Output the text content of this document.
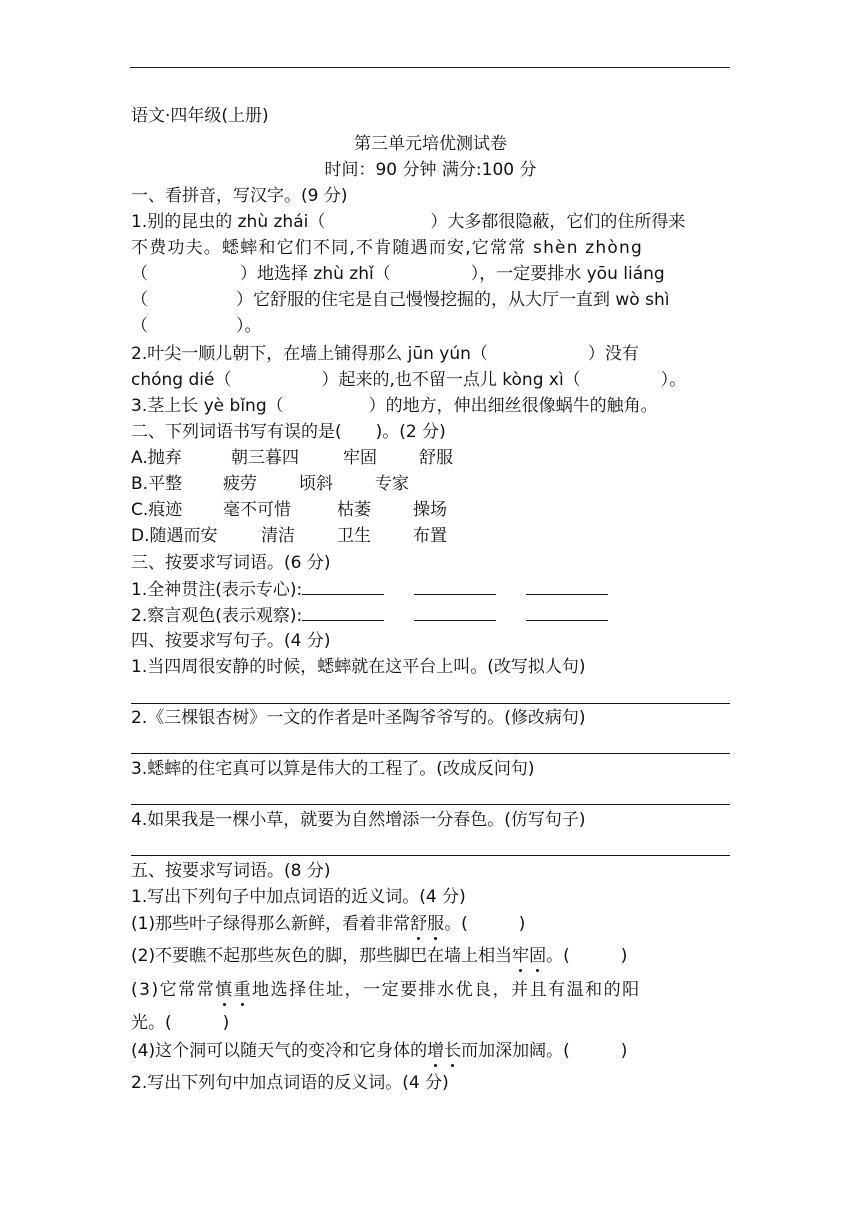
语文·四年级(上册)
第三单元培优测试卷
时间：90 分钟 满分:100 分
一、看拼音，写汉字。(9 分)
1.别的昆虫的 zhù zhái（	）大多都很隐蔽，它们的住所得来
不费功夫。蟋蟀和它们不同,不肯随遇而安,它常常 shèn zhòng
（	）地选择 zhù zhǐ（	），一定要排水 yōu liáng
（	）它舒服的住宅是自己慢慢挖掘的，从大厅一直到 wò shì
（	）。
2.叶尖一顺儿朝下，在墙上铺得那么 jūn yún（	）没有
chóng dié（	）起来的,也不留一点儿 kòng xì（	）。
3.茎上长 yè bǐng（	）的地方，伸出细丝很像蜗牛的触角。
二、下列词语书写有误的是(　　)。(2 分)
A.抛弃	朝三暮四	牢固 舒服
B.平整 疲劳 顷斜 专家
C.痕迹 毫不可惜	枯萎 操场
D.随遇而安	清洁 卫生 布置
三、按要求写词语。(6 分)
1.全神贯注(表示专心):
2.察言观色(表示观察):
四、按要求写句子。(4 分)
1.当四周很安静的时候，蟋蟀就在这平台上叫。(改写拟人句)
2.《三棵银杏树》一文的作者是叶圣陶爷爷写的。(修改病句)
3.蟋蟀的住宅真可以算是伟大的工程了。(改成反问句)
4.如果我是一棵小草，就要为自然增添一分春色。(仿写句子)
五、按要求写词语。(8 分)
1.写出下列句子中加点词语的近义词。(4 分)
(1)那些叶子绿得那么新鲜，看着非常舒服。(　　　)
(2)不要瞧不起那些灰色的脚，那些脚巴在墙上相当牢固。(　　　)
(3)它常常慎重地选择住址，一定要排水优良，并且有温和的阳
光。(　　　)
(4)这个洞可以随天气的变冷和它身体的增长而加深加阔。(　　　)
2.写出下列句中加点词语的反义词。(4 分)
